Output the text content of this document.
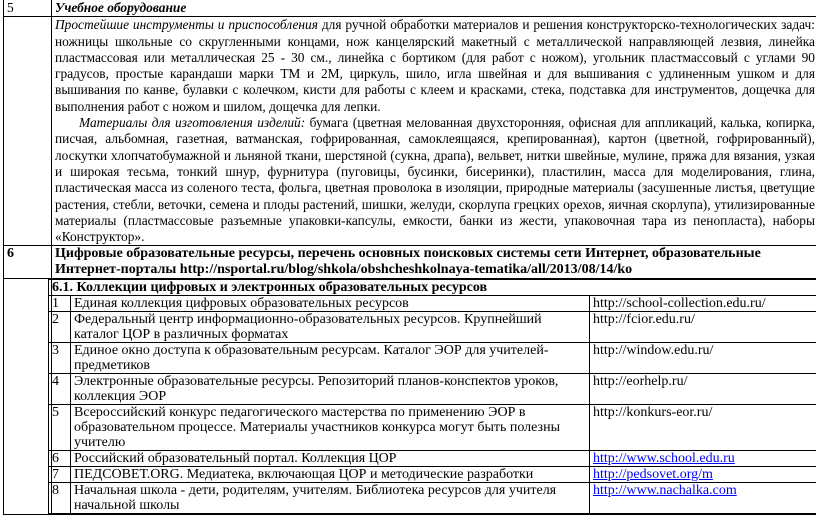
5	Учебное оборудование

Простейшие инструменты и приспособления для ручной обработки материалов и решения конструкторско-технологических задач: ножницы школьные со скругленными концами, нож канцелярский макетный с металлической направляющей лезвия, линейка пластмассовая или металлическая 25 - 30 см., линейка с бортиком (для работ с ножом), угольник пластмассовый с углами 90 градусов, простые карандаши марки ТМ и 2М, циркуль, шило, игла швейная и для вышивания с удлиненным ушком и для вышивания по канве, булавки с колечком, кисти для работы с клеем и красками, стека, подставка для инструментов, дощечка для выполнения работ с ножом и шилом, дощечка для лепки.

Материалы для изготовления изделий: бумага (цветная мелованная двухсторонняя, офисная для аппликаций, калька, копирка, писчая, альбомная, газетная, ватманская, гофрированная, самоклеящаяся, крепированная), картон (цветной, гофрированный), лоскутки хлопчатобумажной и льняной ткани, шерстяной (сукна, драпа), вельвет, нитки швейные, мулине, пряжа для вязания, узкая и широкая тесьма, тонкий шнур, фурнитура (пуговицы, бусинки, бисеринки), пластилин, масса для моделирования, глина, пластическая масса из соленого теста, фольга, цветная проволока в изоляции, природные материалы (засушенные листья, цветущие растения, стебли, веточки, семена и плоды растений, шишки, желуди, скорлупа грецких орехов, яичная скорлупа), утилизированные материалы (пластмассовые разъемные упаковки-капсулы, емкости, банки из жести, упаковочная тара из пенопласта), наборы «Конструктор».

6	Цифровые образовательные ресурсы, перечень основных поисковых системы сети Интернет, образовательные Интернет-порталы http://nsportal.ru/blog/shkola/obshcheshkolnaya-tematika/all/2013/08/14/ko

6.1. Коллекции цифровых и электронных образовательных ресурсов
1	Единая коллекция цифровых образовательных ресурсов	http://school-collection.edu.ru/
2	Федеральный центр информационно-образовательных ресурсов. Крупнейший каталог ЦОР в различных форматах	http://fcior.edu.ru/
3	Единое окно доступа к образовательным ресурсам. Каталог ЭОР для учителей-предметиков	http://window.edu.ru/
4	Электронные образовательные ресурсы. Репозиторий планов-конспектов уроков, коллекция ЭОР	http://eorhelp.ru/
5	Всероссийский конкурс педагогического мастерства по применению ЭОР в образовательном процессе. Материалы участников конкурса могут быть полезны учителю	http://konkurs-eor.ru/
6	Российский образовательный портал. Коллекция ЦОР	http://www.school.edu.ru
7	ПЕДСОВЕТ.ORG. Медиатека, включающая ЦОР и методические разработки	http://pedsovet.org/m
8	Начальная школа - дети, родителям, учителям. Библиотека ресурсов для учителя начальной школы	http://www.nachalka.com
